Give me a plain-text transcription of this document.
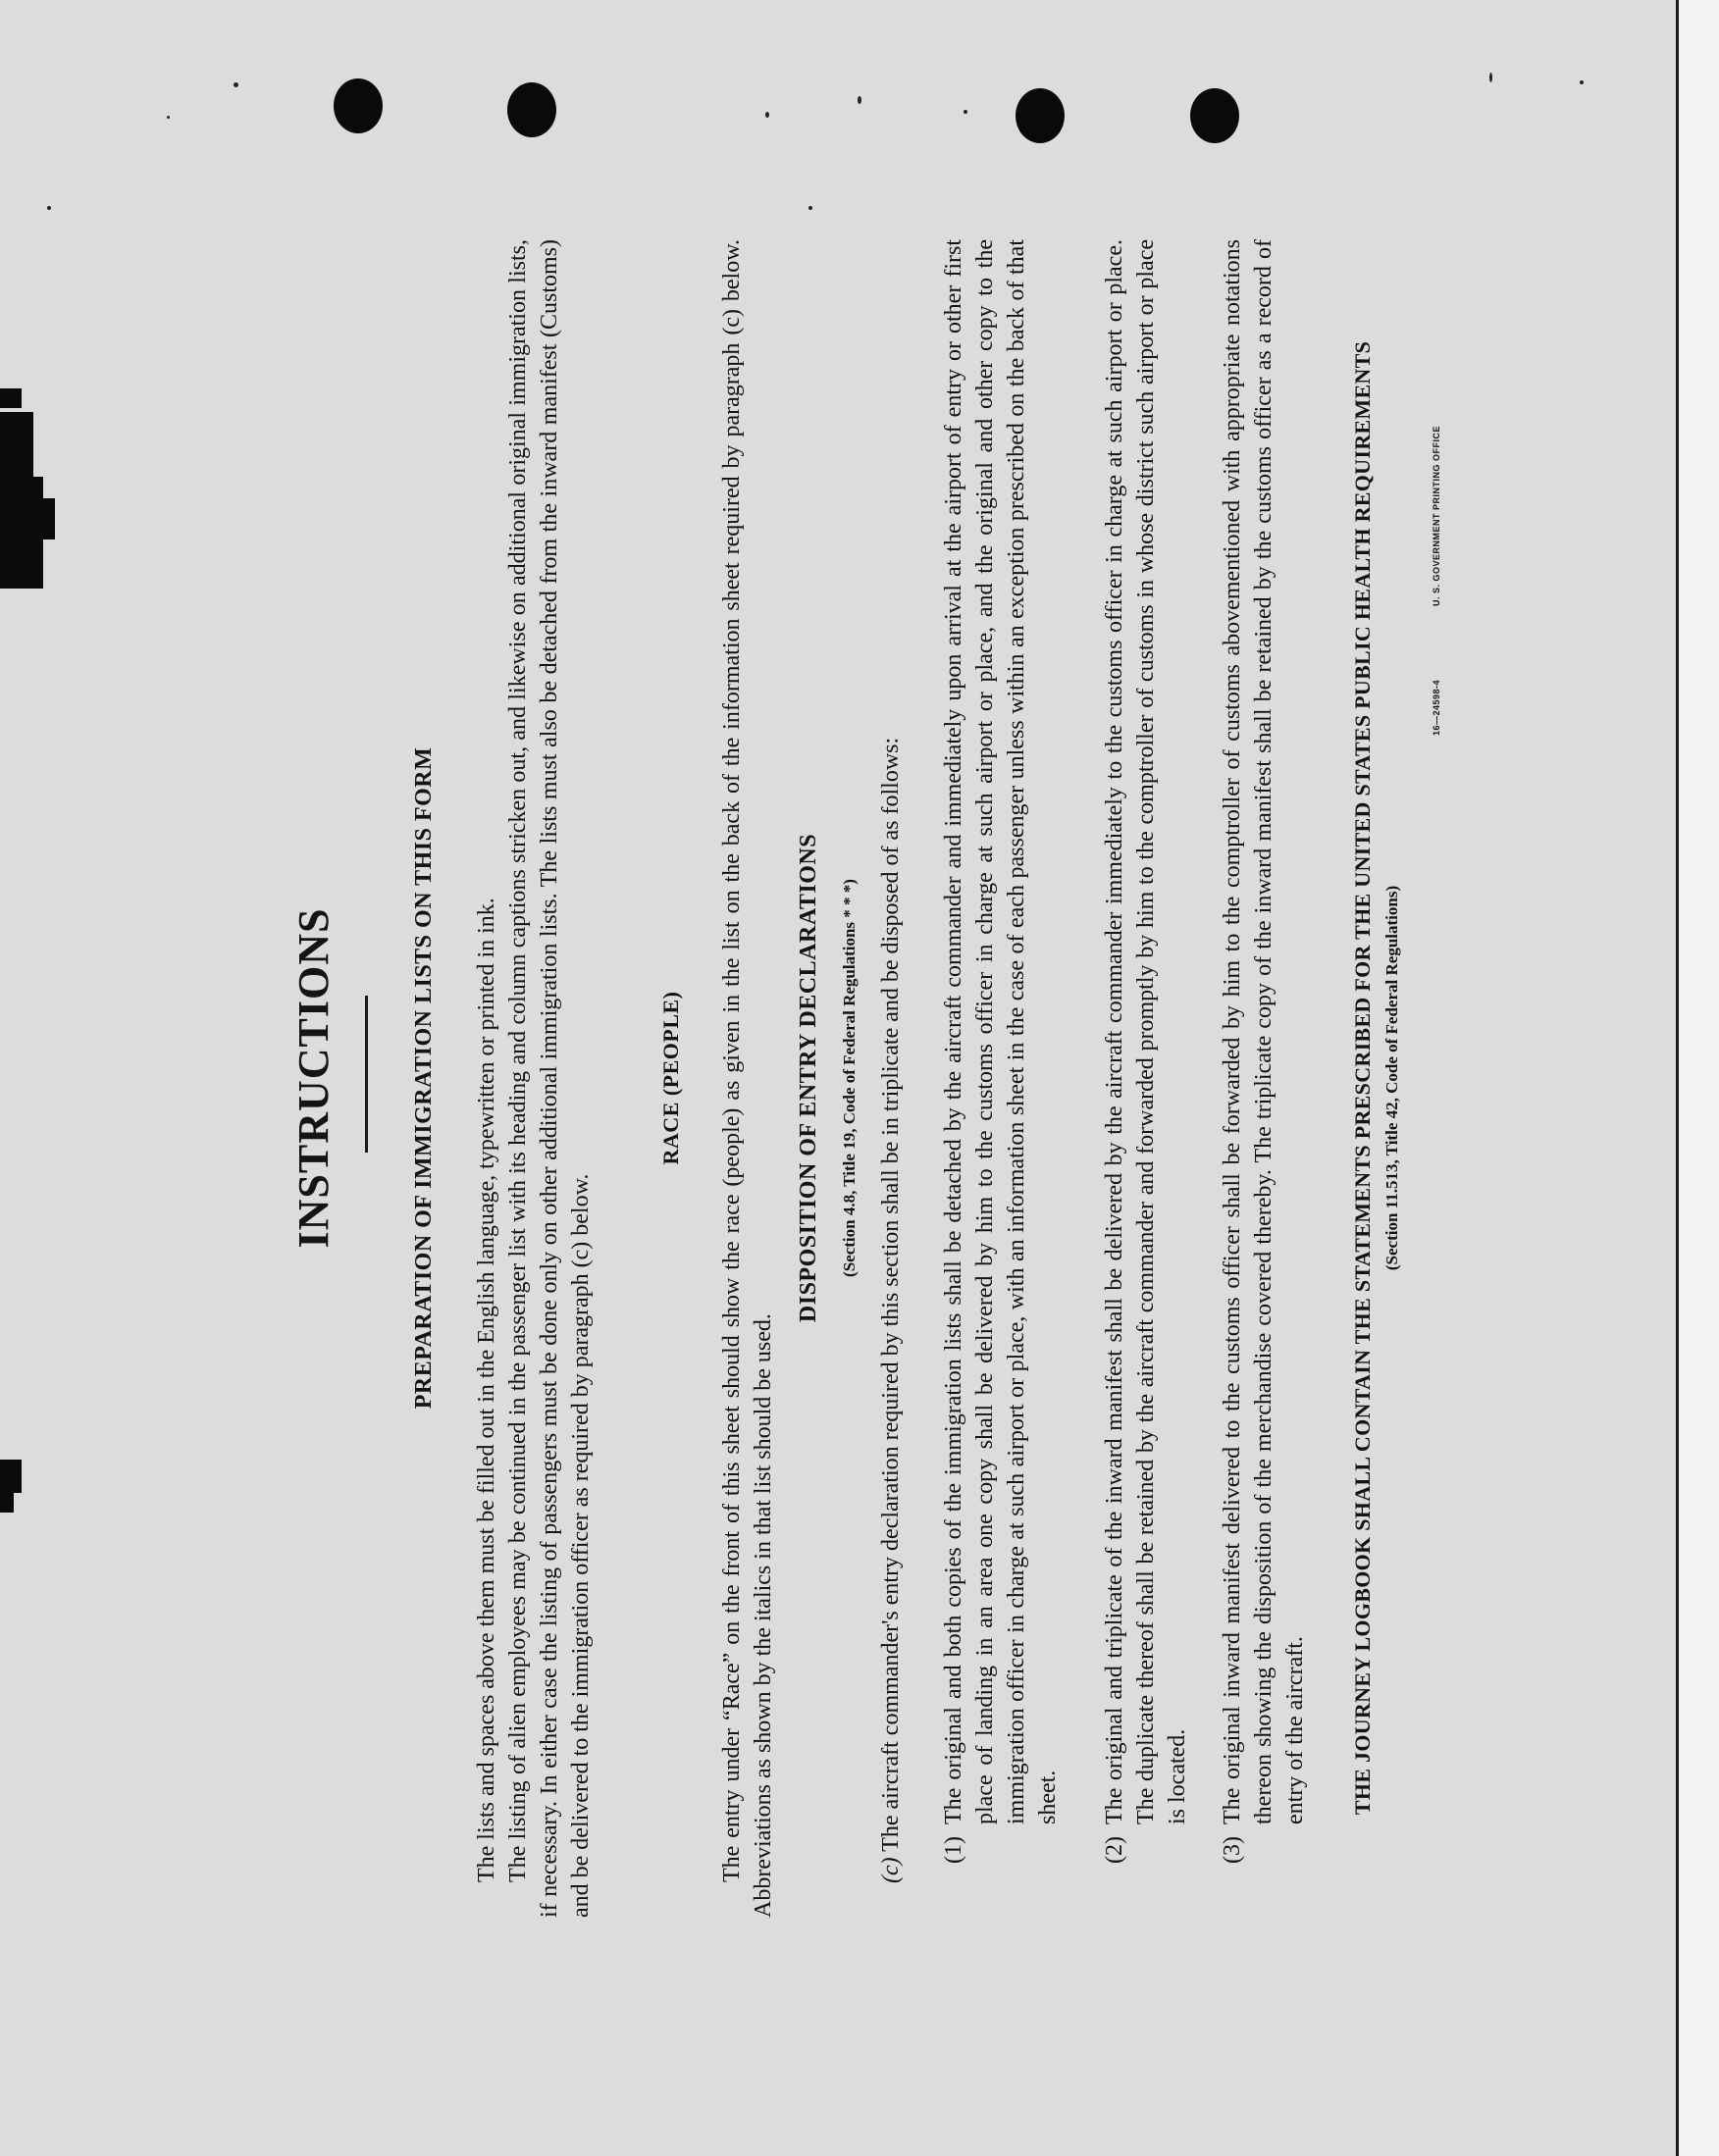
INSTRUCTIONS	PREPARATION OF IMMIGRATION LISTS ON THIS FORM The lists and spaces above them must be filled out in the English language, typewritten or printed in ink. The listing of alien employees may be continued in the passenger list with its heading and column captions stricken out, and likewise on additional original immigration lists, if necessary. In either case the listing of passengers must be done only on other additional immigration lists. The lists must also be detached from the inward manifest (Customs) and be delivered to the immigration officer as required by paragraph (c) below.

RACE (PEOPLE) The entry under “Race” on the front of this sheet should show the race (people) as given in the list on the back of the information sheet required by paragraph (c) below. Abbreviations as shown by the italics in that list should be used.

DISPOSITION OF ENTRY DECLARATIONS (Section 4.8, Title 19, Code of Federal Regulations * * *)

(c) The aircraft commander's entry declaration required by this section shall be in triplicate and be disposed of as follows: (1)
The original and both copies of the immigration lists shall be detached by the aircraft commander and immediately upon arrival at the airport of entry or other first place of landing in an area one copy shall be delivered by him to the customs officer in charge at such airport or place, and the original and other copy to the immigration officer in charge at such airport or place, with an information sheet in the case of each passenger unless within an exception prescribed on the back of that sheet.
(2)
The original and triplicate of the inward manifest shall be delivered by the aircraft commander immediately to the customs officer in charge at such airport or place. The duplicate thereof shall be retained by the aircraft commander and forwarded promptly by him to the comptroller of customs in whose district such airport or place is located.
(3)
The original inward manifest delivered to the customs officer shall be forwarded by him to the comptroller of customs abovementioned with appropriate notations thereon showing the disposition of the merchandise covered thereby. The triplicate copy of the inward manifest shall be retained by the customs officer as a record of entry of the aircraft. THE JOURNEY LOGBOOK SHALL CONTAIN THE STATEMENTS PRESCRIBED FOR THE UNITED STATES PUBLIC HEALTH REQUIREMENTS (Section 11.513, Title 42, Code of Federal Regulations)
16—24598-4
U. S. GOVERNMENT PRINTING OFFICE
